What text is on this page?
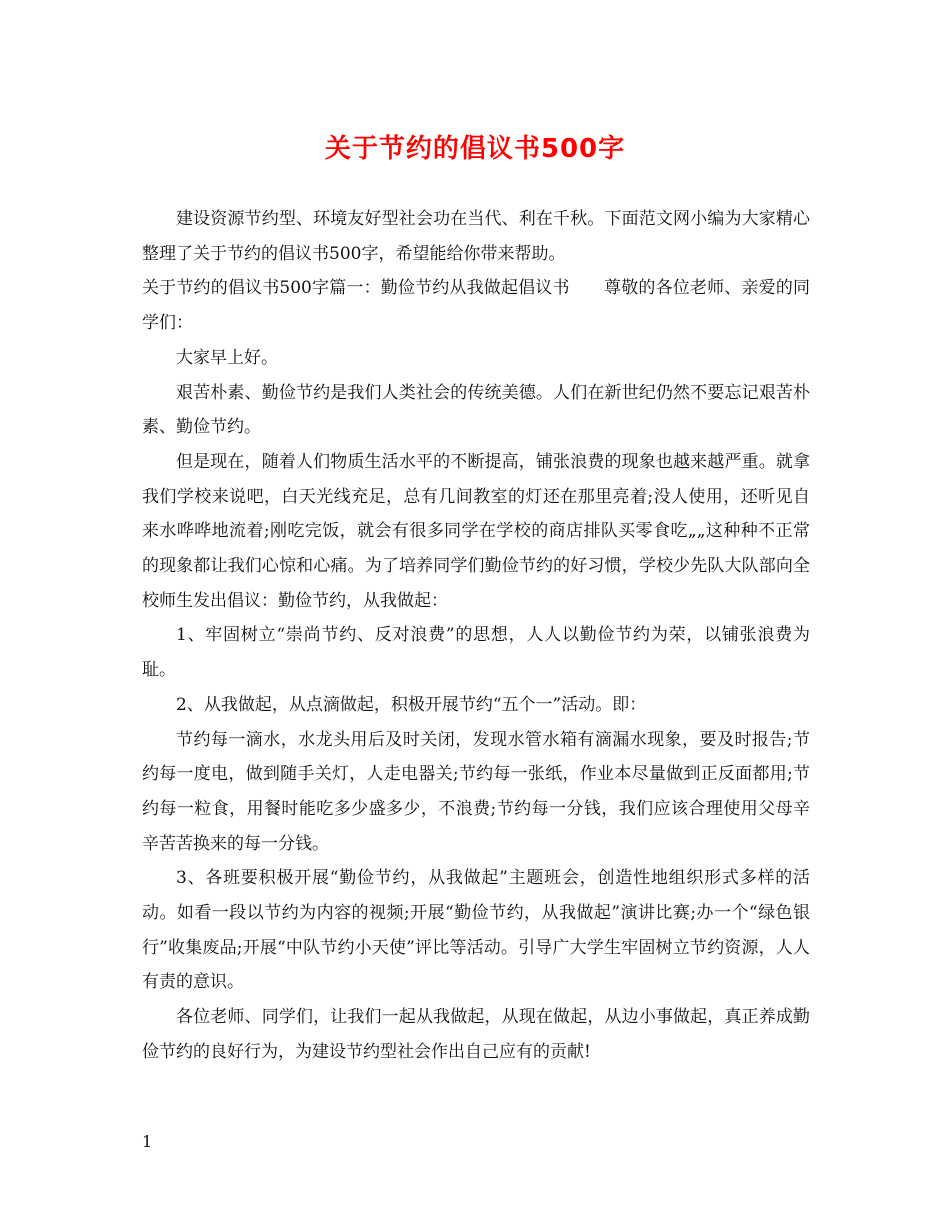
关于节约的倡议书500字

建设资源节约型、环境友好型社会功在当代、利在千秋。下面范文网小编为大家精心整理了关于节约的倡议书500字，希望能给你带来帮助。

关于节约的倡议书500字篇一：勤俭节约从我做起倡议书　　尊敬的各位老师、亲爱的同学们：

大家早上好。

艰苦朴素、勤俭节约是我们人类社会的传统美德。人们在新世纪仍然不要忘记艰苦朴素、勤俭节约。

但是现在，随着人们物质生活水平的不断提高，铺张浪费的现象也越来越严重。就拿我们学校来说吧，白天光线充足，总有几间教室的灯还在那里亮着;没人使用，还听见自来水哗哗地流着;刚吃完饭，就会有很多同学在学校的商店排队买零食吃„„这种种不正常的现象都让我们心惊和心痛。为了培养同学们勤俭节约的好习惯，学校少先队大队部向全校师生发出倡议：勤俭节约，从我做起：

1、牢固树立“崇尚节约、反对浪费”的思想，人人以勤俭节约为荣，以铺张浪费为耻。

2、从我做起，从点滴做起，积极开展节约“五个一”活动。即：

节约每一滴水，水龙头用后及时关闭，发现水管水箱有滴漏水现象，要及时报告;节约每一度电，做到随手关灯，人走电器关;节约每一张纸，作业本尽量做到正反面都用;节约每一粒食，用餐时能吃多少盛多少，不浪费;节约每一分钱，我们应该合理使用父母辛辛苦苦换来的每一分钱。

3、各班要积极开展“勤俭节约，从我做起”主题班会，创造性地组织形式多样的活动。如看一段以节约为内容的视频;开展“勤俭节约，从我做起”演讲比赛;办一个“绿色银行”收集废品;开展“中队节约小天使”评比等活动。引导广大学生牢固树立节约资源，人人有责的意识。

各位老师、同学们，让我们一起从我做起，从现在做起，从边小事做起，真正养成勤俭节约的良好行为，为建设节约型社会作出自己应有的贡献!

1
